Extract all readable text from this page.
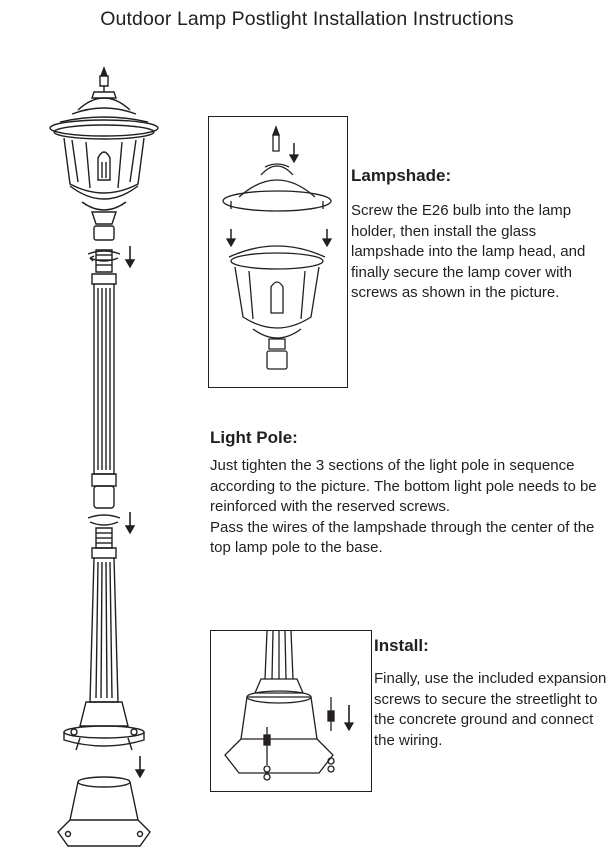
Outdoor Lamp Postlight Installation Instructions
Lampshade:
Screw the E26 bulb into the lamp holder, then install the glass lampshade into the lamp head, and finally secure the lamp cover with screws as shown in the picture.
Light Pole:
Just tighten the 3 sections of the light pole in sequence according to the picture. The bottom light pole needs to be reinforced with the reserved screws.
Pass the wires of the lampshade through the center of the top lamp pole to the base.
Install:
Finally, use the included expansion screws to secure the streetlight to the concrete ground and connect the wiring.
